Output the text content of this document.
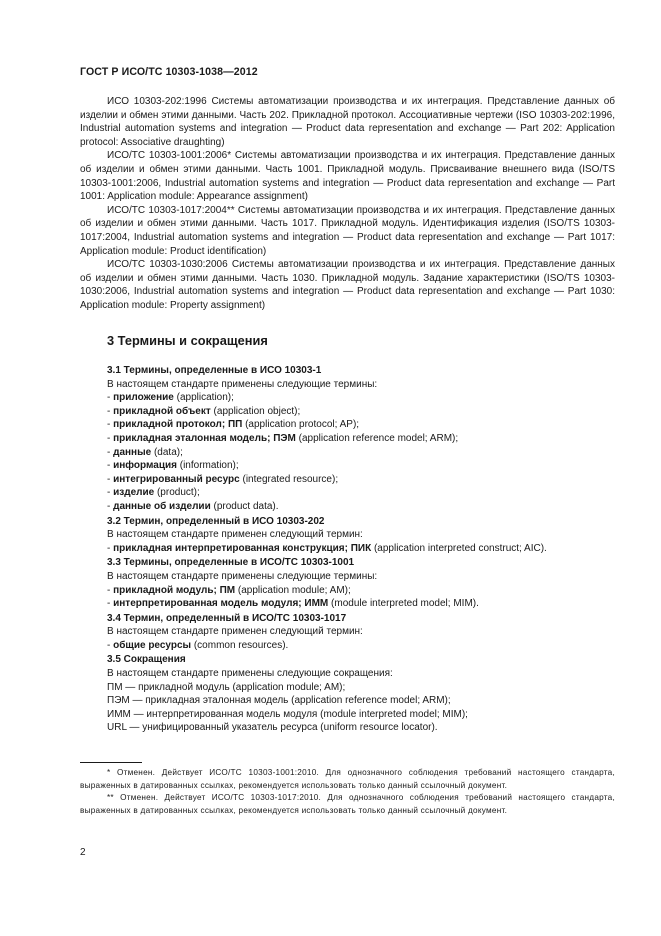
ГОСТ Р ИСО/ТС 10303-1038—2012

ИСО 10303-202:1996 Системы автоматизации производства и их интеграция. Представление данных об изделии и обмен этими данными. Часть 202. Прикладной протокол. Ассоциативные чертежи (ISO 10303-202:1996, Industrial automation systems and integration — Product data representation and exchange — Part 202: Application protocol: Associative draughting)

ИСО/ТС 10303-1001:2006* Системы автоматизации производства и их интеграция. Представление данных об изделии и обмен этими данными. Часть 1001. Прикладной модуль. Присваивание внешнего вида (ISO/TS 10303-1001:2006, Industrial automation systems and integration — Product data representation and exchange — Part 1001: Application module: Appearance assignment)

ИСО/ТС 10303-1017:2004** Системы автоматизации производства и их интеграция. Представление данных об изделии и обмен этими данными. Часть 1017. Прикладной модуль. Идентификация изделия (ISO/TS 10303-1017:2004, Industrial automation systems and integration — Product data representation and exchange — Part 1017: Application module: Product identification)

ИСО/ТС 10303-1030:2006 Системы автоматизации производства и их интеграция. Представление данных об изделии и обмен этими данными. Часть 1030. Прикладной модуль. Задание характеристики (ISO/TS 10303-1030:2006, Industrial automation systems and integration — Product data representation and exchange — Part 1030: Application module: Property assignment)

3 Термины и сокращения

3.1 Термины, определенные в ИСО 10303-1

В настоящем стандарте применены следующие термины:

- приложение (application);

- прикладной объект (application object);

- прикладной протокол; ПП (application protocol; AP);

- прикладная эталонная модель; ПЭМ (application reference model; ARM);

- данные (data);

- информация (information);

- интегрированный ресурс (integrated resource);

- изделие (product);

- данные об изделии (product data).

3.2 Термин, определенный в ИСО 10303-202

В настоящем стандарте применен следующий термин:

- прикладная интерпретированная конструкция; ПИК (application interpreted construct; AIC).

3.3 Термины, определенные в ИСО/ТС 10303-1001

В настоящем стандарте применены следующие термины:

- прикладной модуль; ПМ (application module; AM);

- интерпретированная модель модуля; ИММ (module interpreted model; MIM).

3.4 Термин, определенный в ИСО/ТС 10303-1017

В настоящем стандарте применен следующий термин:

- общие ресурсы (common resources).

3.5 Сокращения

В настоящем стандарте применены следующие сокращения:

ПМ — прикладной модуль (application module; AM);

ПЭМ — прикладная эталонная модель (application reference model; ARM);

ИММ — интерпретированная модель модуля (module interpreted model; MIM);

URL — унифицированный указатель ресурса (uniform resource locator).

* Отменен. Действует ИСО/ТС 10303-1001:2010. Для однозначного соблюдения требований настоящего стандарта, выраженных в датированных ссылках, рекомендуется использовать только данный ссылочный документ.

** Отменен. Действует ИСО/ТС 10303-1017:2010. Для однозначного соблюдения требований настоящего стандарта, выраженных в датированных ссылках, рекомендуется использовать только данный ссылочный документ.

2
